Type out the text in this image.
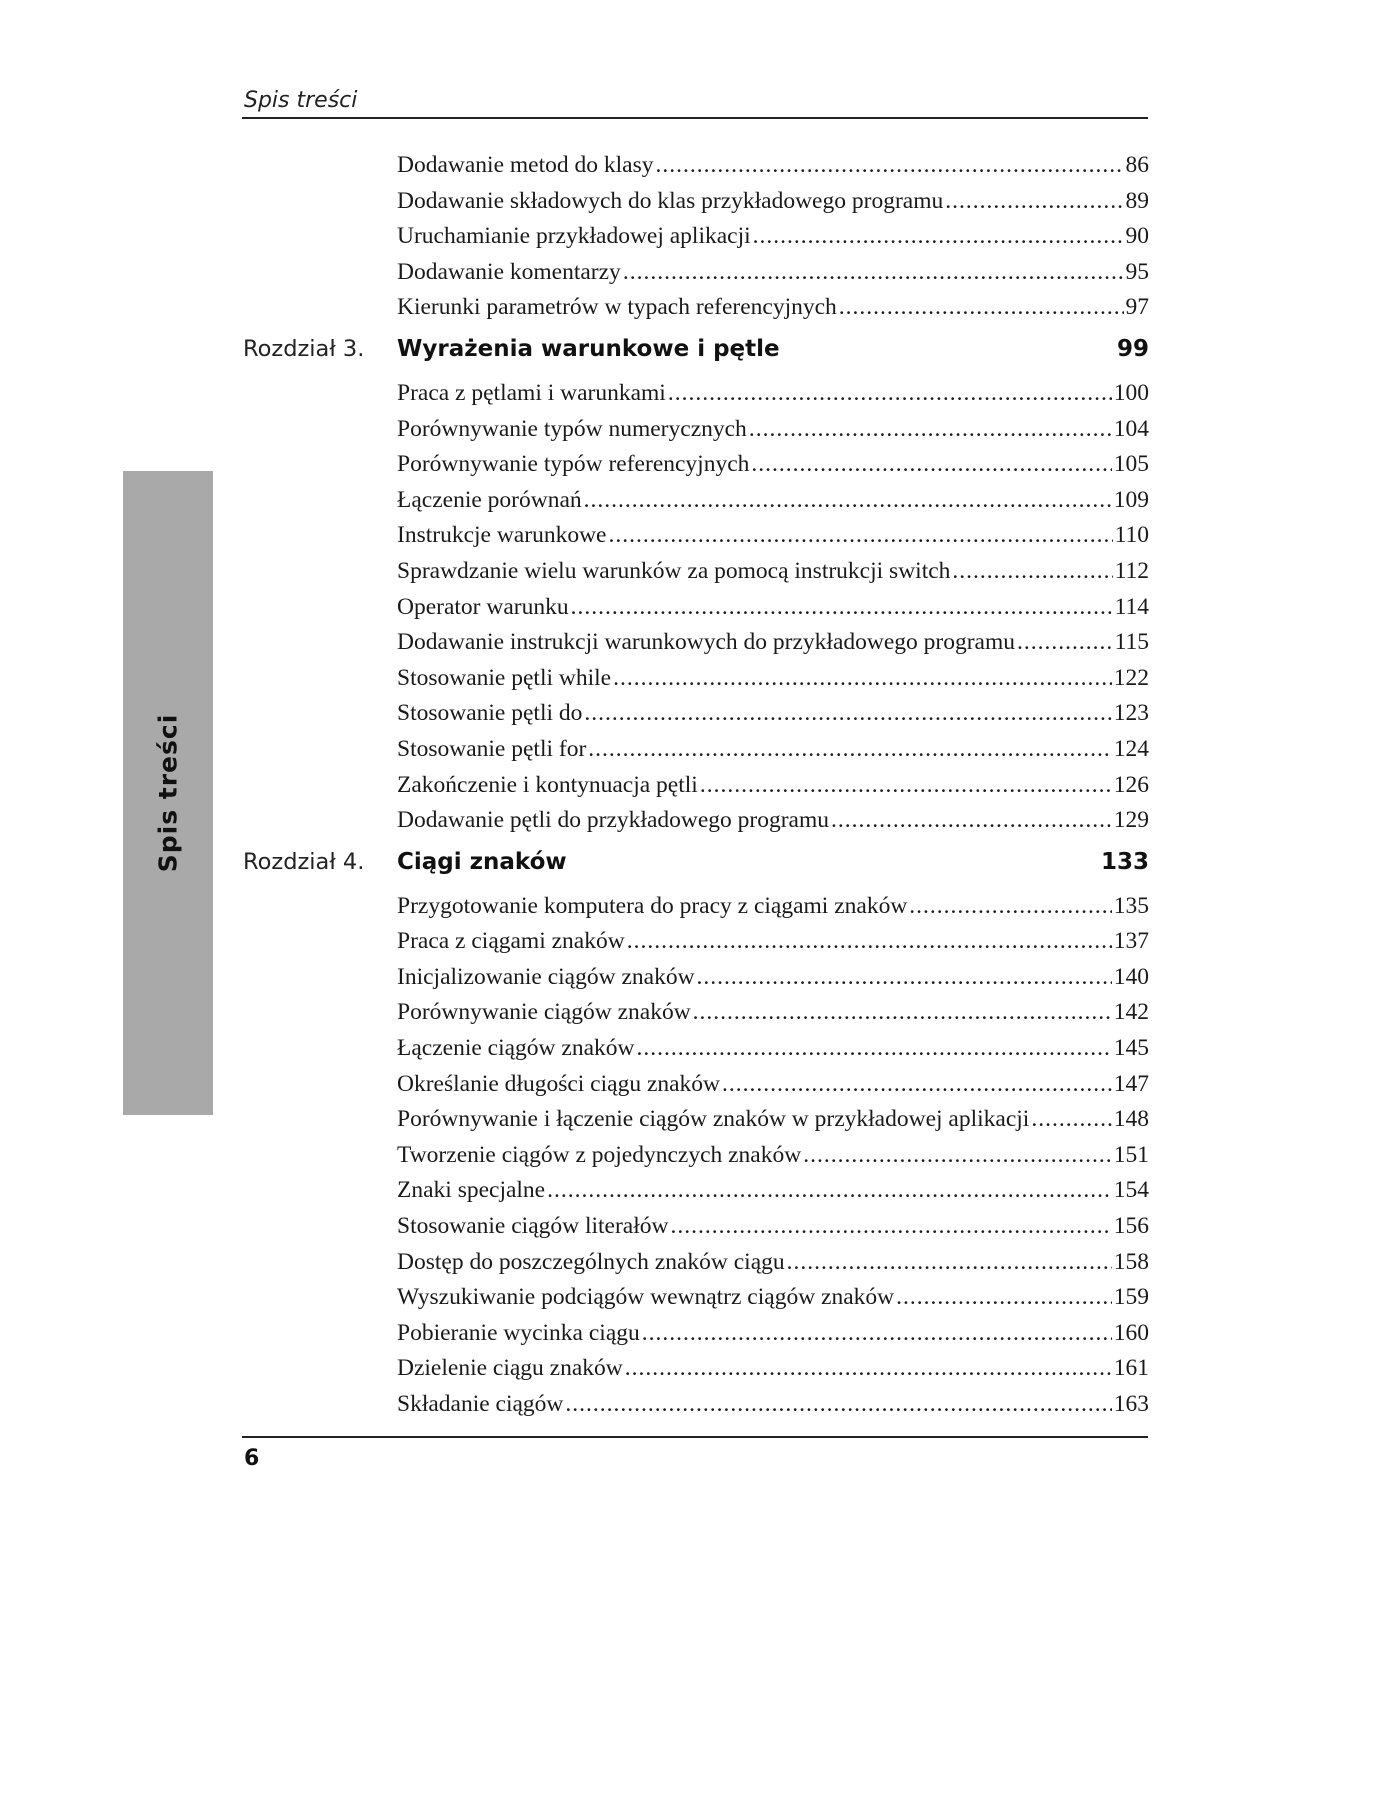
Spis treści
Spis treści
Dodawanie metod do klasy .....	86
Dodawanie składowych do klas przykładowego programu .....	89
Uruchamianie przykładowej aplikacji .....	90
Dodawanie komentarzy .....	95
Kierunki parametrów w typach referencyjnych .....	97
Rozdział 3. Wyrażenia warunkowe i pętle	99
Praca z pętlami i warunkami .....	100
Porównywanie typów numerycznych .....	104
Porównywanie typów referencyjnych .....	105
Łączenie porównań .....	109
Instrukcje warunkowe .....	110
Sprawdzanie wielu warunków za pomocą instrukcji switch .....	112
Operator warunku .....	114
Dodawanie instrukcji warunkowych do przykładowego programu .....	115
Stosowanie pętli while .....	122
Stosowanie pętli do .....	123
Stosowanie pętli for .....	124
Zakończenie i kontynuacja pętli .....	126
Dodawanie pętli do przykładowego programu .....	129
Rozdział 4. Ciągi znaków	133
Przygotowanie komputera do pracy z ciągami znaków .....	135
Praca z ciągami znaków .....	137
Inicjalizowanie ciągów znaków .....	140
Porównywanie ciągów znaków .....	142
Łączenie ciągów znaków .....	145
Określanie długości ciągu znaków .....	147
Porównywanie i łączenie ciągów znaków w przykładowej aplikacji .....	148
Tworzenie ciągów z pojedynczych znaków .....	151
Znaki specjalne .....	154
Stosowanie ciągów literałów .....	156
Dostęp do poszczególnych znaków ciągu .....	158
Wyszukiwanie podciągów wewnątrz ciągów znaków .....	159
Pobieranie wycinka ciągu .....	160
Dzielenie ciągu znaków .....	161
Składanie ciągów .....	163
6
